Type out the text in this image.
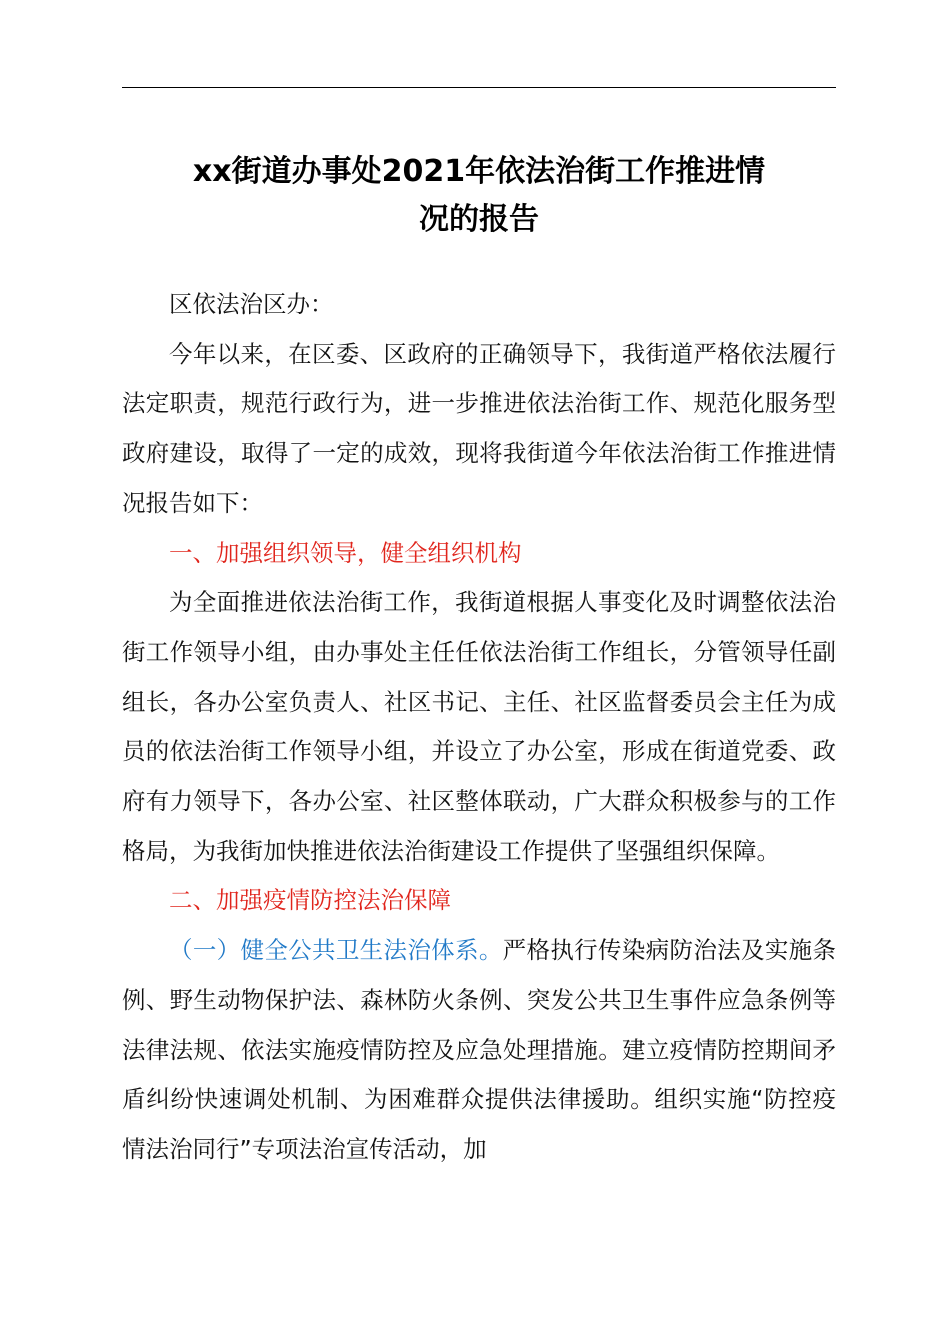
xx街道办事处2021年依法治街工作推进情
况的报告

区依法治区办：

今年以来，在区委、区政府的正确领导下，我街道严格依法履行法定职责，规范行政行为，进一步推进依法治街工作、规范化服务型政府建设，取得了一定的成效，现将我街道今年依法治街工作推进情况报告如下：

一、加强组织领导，健全组织机构

为全面推进依法治街工作，我街道根据人事变化及时调整依法治街工作领导小组，由办事处主任任依法治街工作组长，分管领导任副组长，各办公室负责人、社区书记、主任、社区监督委员会主任为成员的依法治街工作领导小组，并设立了办公室，形成在街道党委、政府有力领导下，各办公室、社区整体联动，广大群众积极参与的工作格局，为我街加快推进依法治街建设工作提供了坚强组织保障。

二、加强疫情防控法治保障

（一）健全公共卫生法治体系。严格执行传染病防治法及实施条例、野生动物保护法、森林防火条例、突发公共卫生事件应急条例等法律法规、依法实施疫情防控及应急处理措施。建立疫情防控期间矛盾纠纷快速调处机制、为困难群众提供法律援助。组织实施“防控疫情法治同行”专项法治宣传活动，加
